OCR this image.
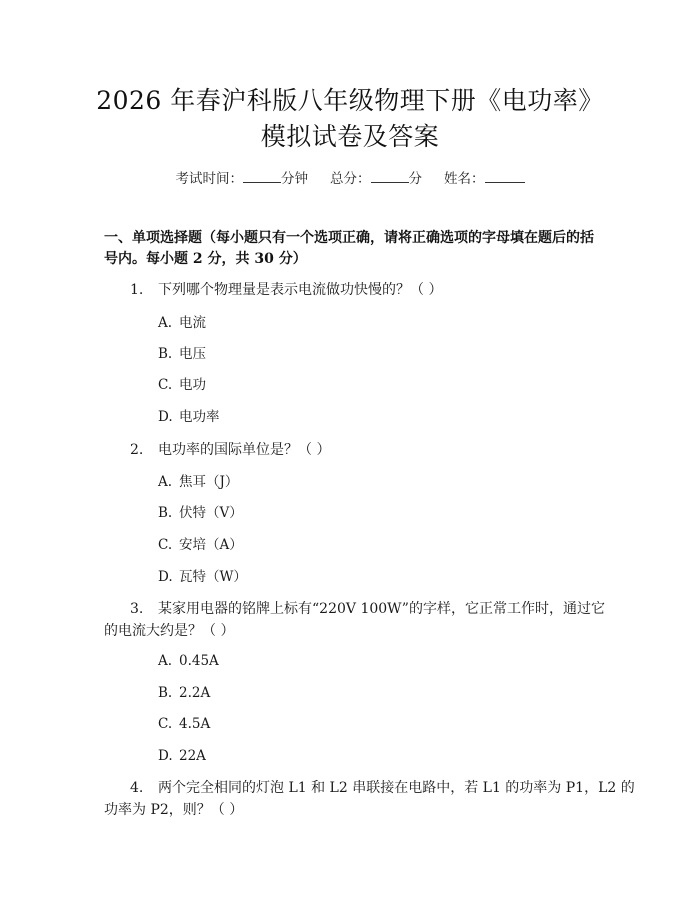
2026 年春沪科版八年级物理下册《电功率》
模拟试卷及答案
考试时间：	分钟 总分：	分 姓名：
一、单项选择题（每小题只有一个选项正确，请将正确选项的字母填在题后的括
号内。每小题 2 分，共 30 分）
1. 下列哪个物理量是表示电流做功快慢的？（ ）
A. 电流
B. 电压
C. 电功
D. 电功率
2. 电功率的国际单位是？（ ）
A. 焦耳（J）
B. 伏特（V）
C. 安培（A）
D. 瓦特（W）
3. 某家用电器的铭牌上标有“220V 100W”的字样，它正常工作时，通过它
的电流大约是？（ ）
A. 0.45A
B. 2.2A
C. 4.5A
D. 22A
4. 两个完全相同的灯泡 L1 和 L2 串联接在电路中，若 L1 的功率为 P1，L2 的
功率为 P2，则？（ ）
